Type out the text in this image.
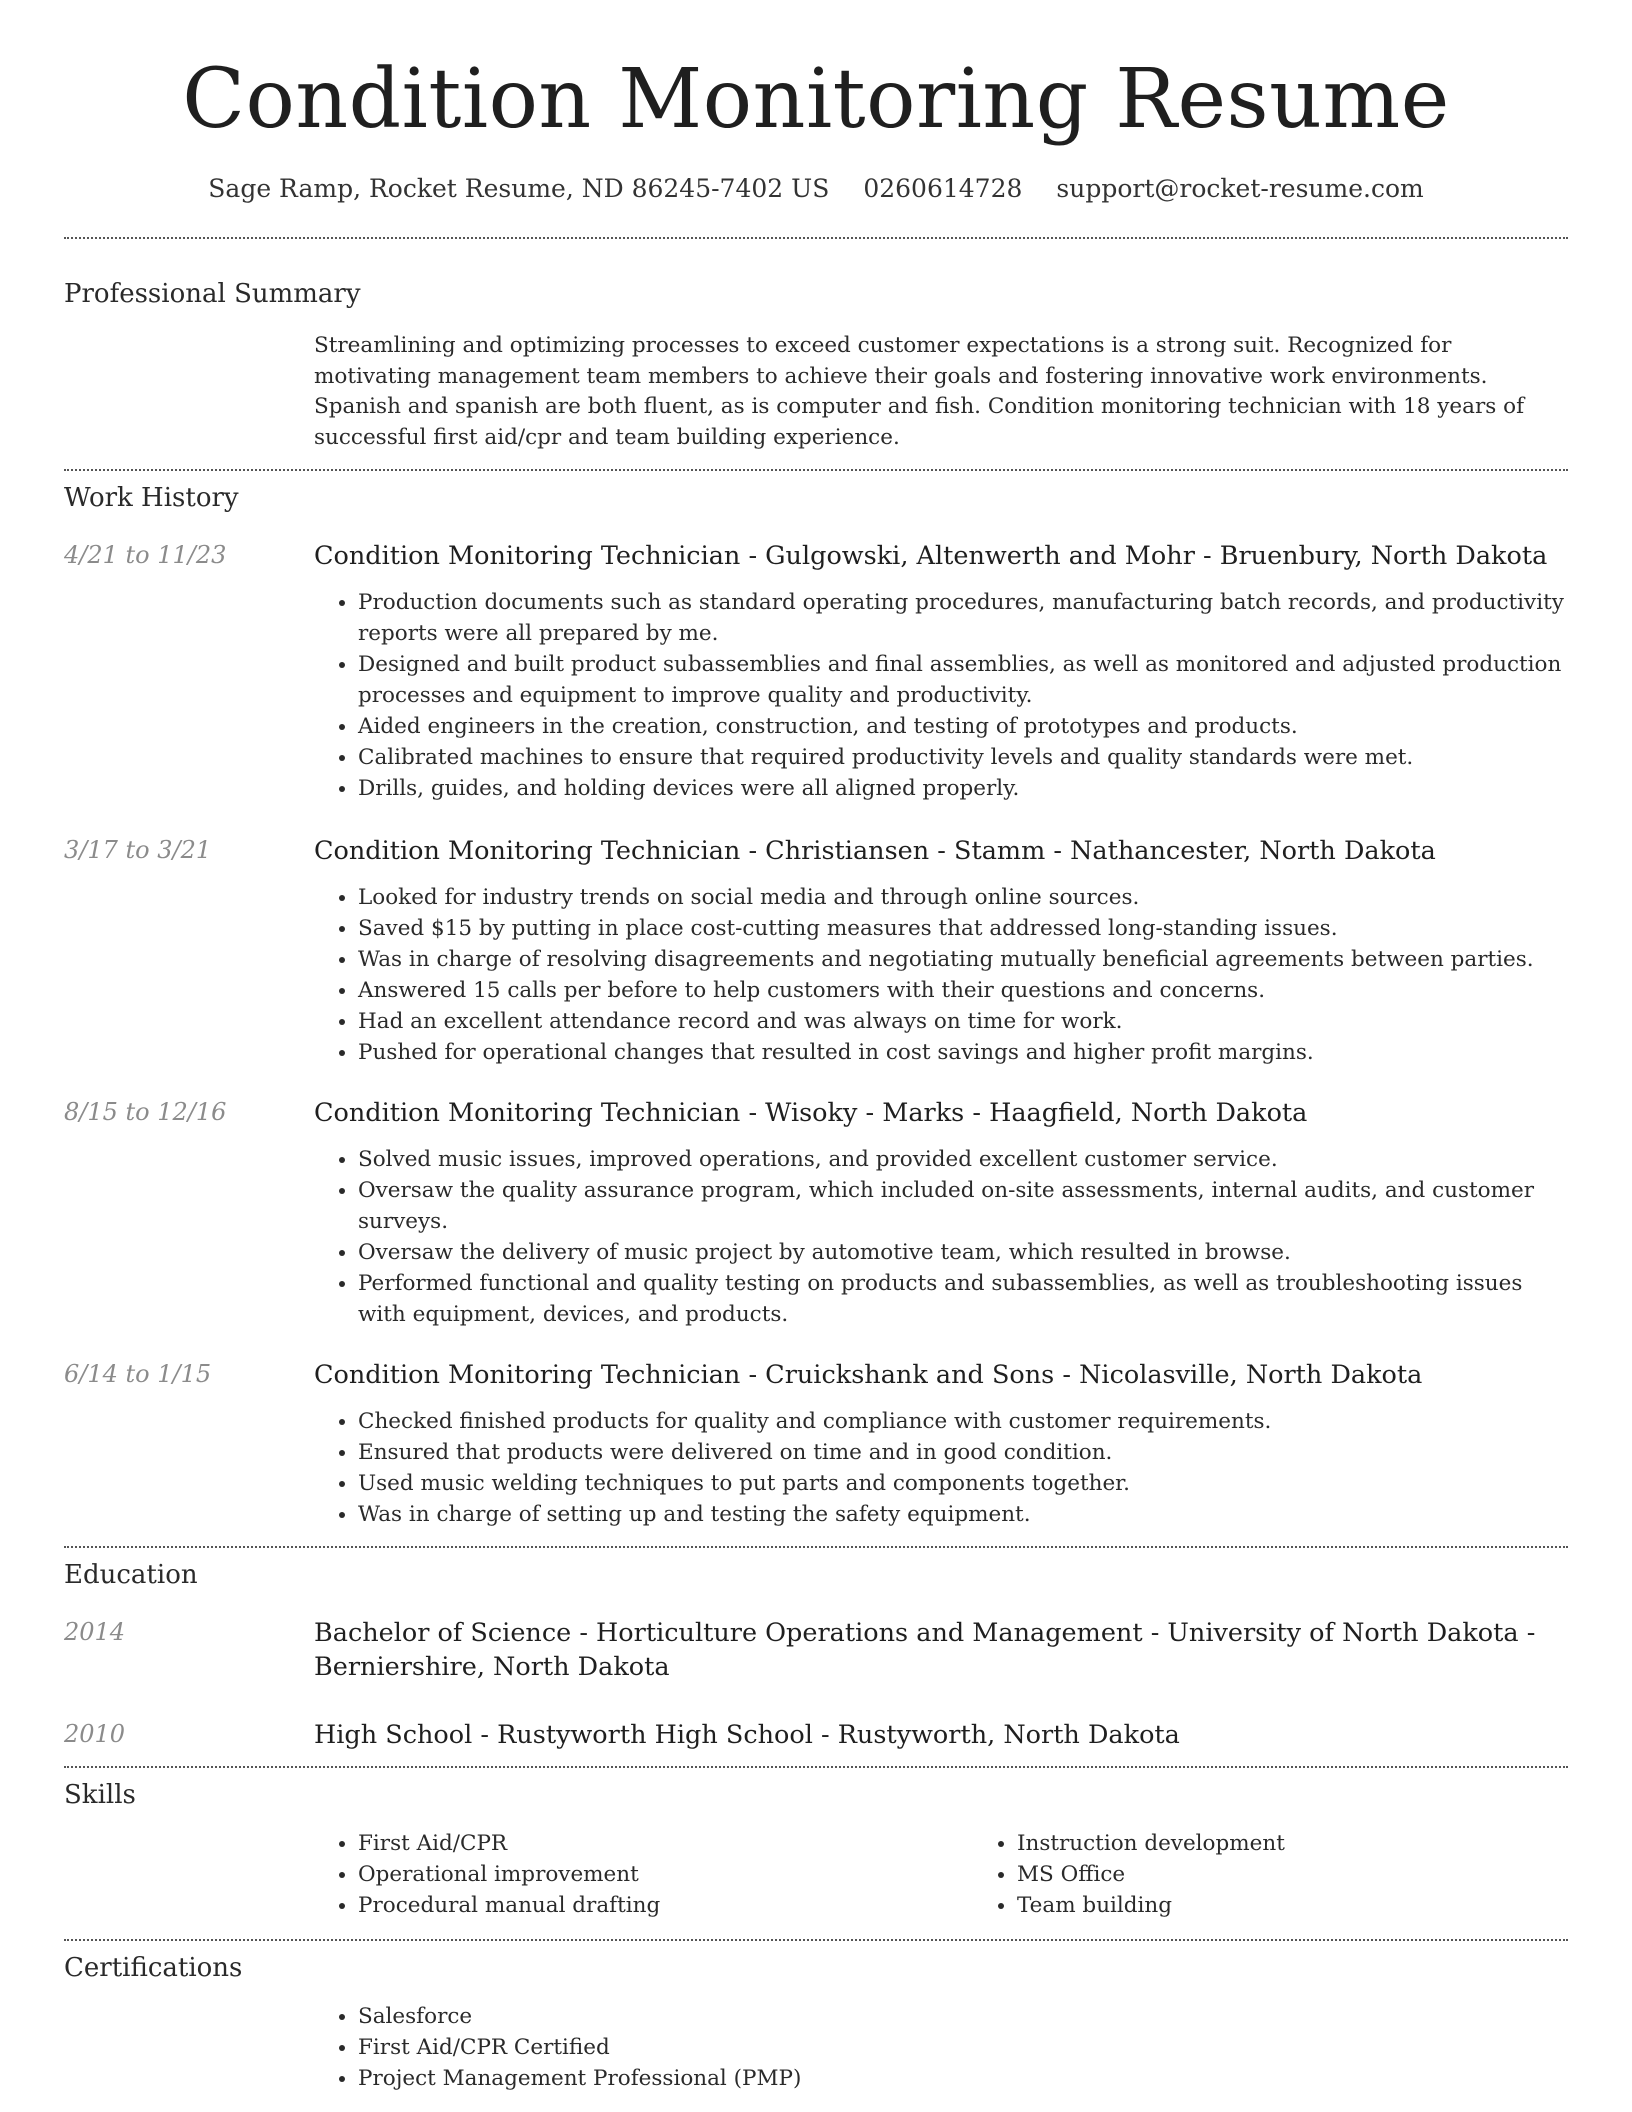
Condition Monitoring Resume
Sage Ramp, Rocket Resume, ND 86245-7402 US 0260614728 support@rocket-resume.com
Professional Summary
Streamlining and optimizing processes to exceed customer expectations is a strong suit. Recognized for motivating management team members to achieve their goals and fostering innovative work environments. Spanish and spanish are both fluent, as is computer and fish. Condition monitoring technician with 18 years of successful first aid/cpr and team building experience.
Work History
4/21 to 11/23	Condition Monitoring Technician - Gulgowski, Altenwerth and Mohr - Bruenbury, North Dakota
• Production documents such as standard operating procedures, manufacturing batch records, and productivity reports were all prepared by me.
• Designed and built product subassemblies and final assemblies, as well as monitored and adjusted production processes and equipment to improve quality and productivity.
• Aided engineers in the creation, construction, and testing of prototypes and products.
• Calibrated machines to ensure that required productivity levels and quality standards were met.
• Drills, guides, and holding devices were all aligned properly.
3/17 to 3/21	Condition Monitoring Technician - Christiansen - Stamm - Nathancester, North Dakota
• Looked for industry trends on social media and through online sources.
• Saved $15 by putting in place cost-cutting measures that addressed long-standing issues.
• Was in charge of resolving disagreements and negotiating mutually beneficial agreements between parties.
• Answered 15 calls per before to help customers with their questions and concerns.
• Had an excellent attendance record and was always on time for work.
• Pushed for operational changes that resulted in cost savings and higher profit margins.
8/15 to 12/16	Condition Monitoring Technician - Wisoky - Marks - Haagfield, North Dakota
• Solved music issues, improved operations, and provided excellent customer service.
• Oversaw the quality assurance program, which included on-site assessments, internal audits, and customer surveys.
• Oversaw the delivery of music project by automotive team, which resulted in browse.
• Performed functional and quality testing on products and subassemblies, as well as troubleshooting issues with equipment, devices, and products.
6/14 to 1/15	Condition Monitoring Technician - Cruickshank and Sons - Nicolasville, North Dakota
• Checked finished products for quality and compliance with customer requirements.
• Ensured that products were delivered on time and in good condition.
• Used music welding techniques to put parts and components together.
• Was in charge of setting up and testing the safety equipment.
Education
2014	Bachelor of Science - Horticulture Operations and Management - University of North Dakota - Berniershire, North Dakota
2010	High School - Rustyworth High School - Rustyworth, North Dakota
Skills
• First Aid/CPR
• Operational improvement
• Procedural manual drafting
• Instruction development
• MS Office
• Team building
Certifications
• Salesforce
• First Aid/CPR Certified
• Project Management Professional (PMP)
